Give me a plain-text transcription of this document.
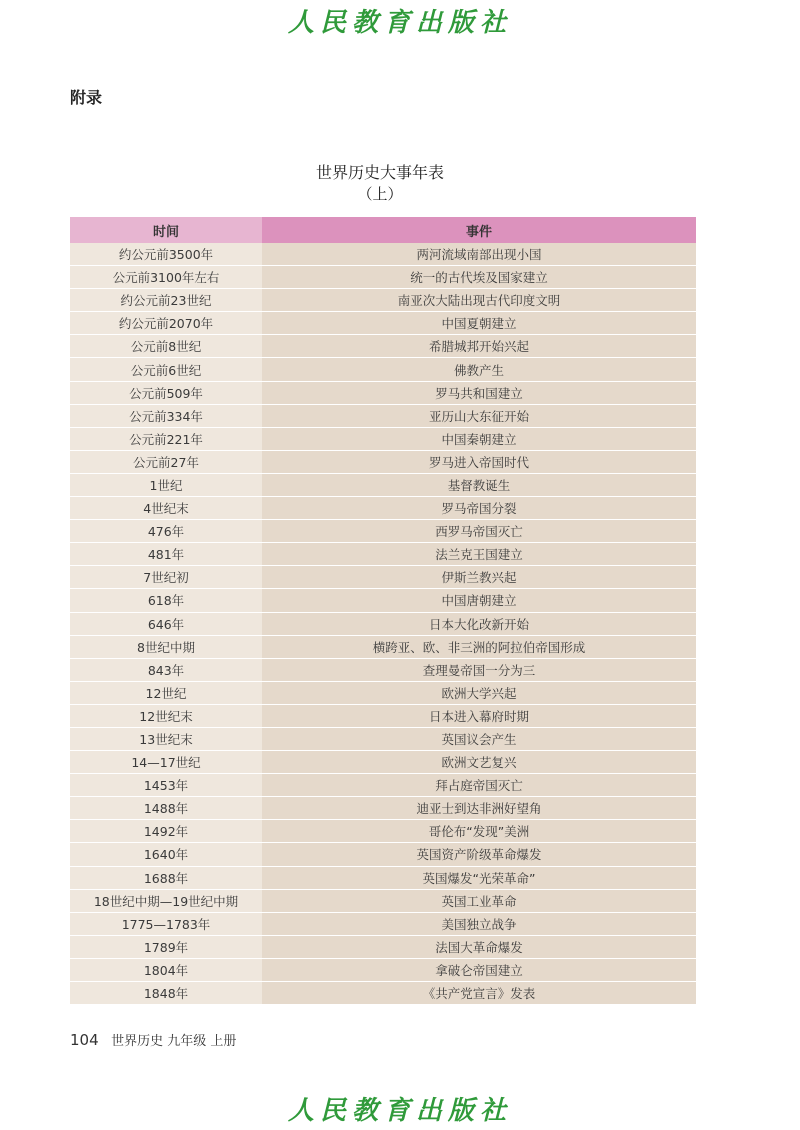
人民教育出版社
附录
世界历史大事年表
（上）
时间	事件
约公元前3500年	两河流域南部出现小国
公元前3100年左右	统一的古代埃及国家建立
约公元前23世纪	南亚次大陆出现古代印度文明
约公元前2070年	中国夏朝建立
公元前8世纪	希腊城邦开始兴起
公元前6世纪	佛教产生
公元前509年	罗马共和国建立
公元前334年	亚历山大东征开始
公元前221年	中国秦朝建立
公元前27年	罗马进入帝国时代
1世纪	基督教诞生
4世纪末	罗马帝国分裂
476年	西罗马帝国灭亡
481年	法兰克王国建立
7世纪初	伊斯兰教兴起
618年	中国唐朝建立
646年	日本大化改新开始
8世纪中期	横跨亚、欧、非三洲的阿拉伯帝国形成
843年	查理曼帝国一分为三
12世纪	欧洲大学兴起
12世纪末	日本进入幕府时期
13世纪末	英国议会产生
14—17世纪	欧洲文艺复兴
1453年	拜占庭帝国灭亡
1488年	迪亚士到达非洲好望角
1492年	哥伦布“发现”美洲
1640年	英国资产阶级革命爆发
1688年	英国爆发“光荣革命”
18世纪中期—19世纪中期	英国工业革命
1775—1783年	美国独立战争
1789年	法国大革命爆发
1804年	拿破仑帝国建立
1848年	《共产党宣言》发表
104 世界历史 九年级 上册
人民教育出版社
